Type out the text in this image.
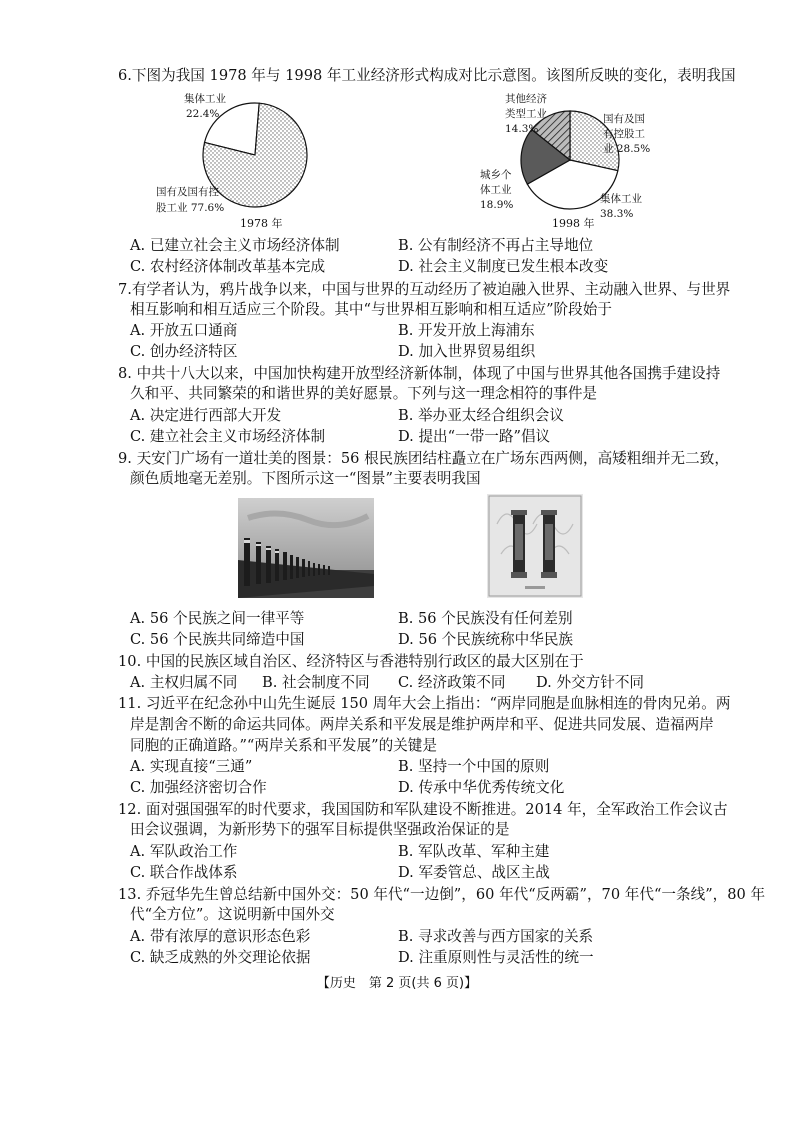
6.下图为我国 1978 年与 1998 年工业经济形式构成对比示意图。该图所反映的变化，表明我国
集体工业
22.4%
国有及国有控
股工业 77.6%
1978 年
其他经济
类型工业
14.3%
国有及国
有控股工
业 28.5%
城乡个
体工业
18.9%	集体工业
38.3%
1998 年
A. 已建立社会主义市场经济体制	B. 公有制经济不再占主导地位
C. 农村经济体制改革基本完成	D. 社会主义制度已发生根本改变
7.有学者认为，鸦片战争以来，中国与世界的互动经历了被迫融入世界、主动融入世界、与世界
相互影响和相互适应三个阶段。其中“与世界相互影响和相互适应”阶段始于
A. 开放五口通商	B. 开发开放上海浦东
C. 创办经济特区	D. 加入世界贸易组织
8. 中共十八大以来，中国加快构建开放型经济新体制，体现了中国与世界其他各国携手建设持
久和平、共同繁荣的和谐世界的美好愿景。下列与这一理念相符的事件是
A. 决定进行西部大开发	B. 举办亚太经合组织会议
C. 建立社会主义市场经济体制	D. 提出“一带一路”倡议
9. 天安门广场有一道壮美的图景：56 根民族团结柱矗立在广场东西两侧，高矮粗细并无二致，
颜色质地毫无差别。下图所示这一“图景”主要表明我国
A. 56 个民族之间一律平等	B. 56 个民族没有任何差别
C. 56 个民族共同缔造中国	D. 56 个民族统称中华民族
10. 中国的民族区域自治区、经济特区与香港特别行政区的最大区别在于
A. 主权归属不同 B. 社会制度不同 C. 经济政策不同 D. 外交方针不同
11. 习近平在纪念孙中山先生诞辰 150 周年大会上指出：“两岸同胞是血脉相连的骨肉兄弟。两
岸是割舍不断的命运共同体。两岸关系和平发展是维护两岸和平、促进共同发展、造福两岸
同胞的正确道路。”“两岸关系和平发展”的关键是
A. 实现直接“三通”	B. 坚持一个中国的原则
C. 加强经济密切合作	D. 传承中华优秀传统文化
12. 面对强国强军的时代要求，我国国防和军队建设不断推进。2014 年，全军政治工作会议古
田会议强调，为新形势下的强军目标提供坚强政治保证的是
A. 军队政治工作	B. 军队改革、军种主建
C. 联合作战体系	D. 军委管总、战区主战
13. 乔冠华先生曾总结新中国外交：50 年代“一边倒”，60 年代“反两霸”，70 年代“一条线”，80 年
代“全方位”。这说明新中国外交
A. 带有浓厚的意识形态色彩	B. 寻求改善与西方国家的关系
C. 缺乏成熟的外交理论依据	D. 注重原则性与灵活性的统一
【历史　第 2 页(共 6 页)】
